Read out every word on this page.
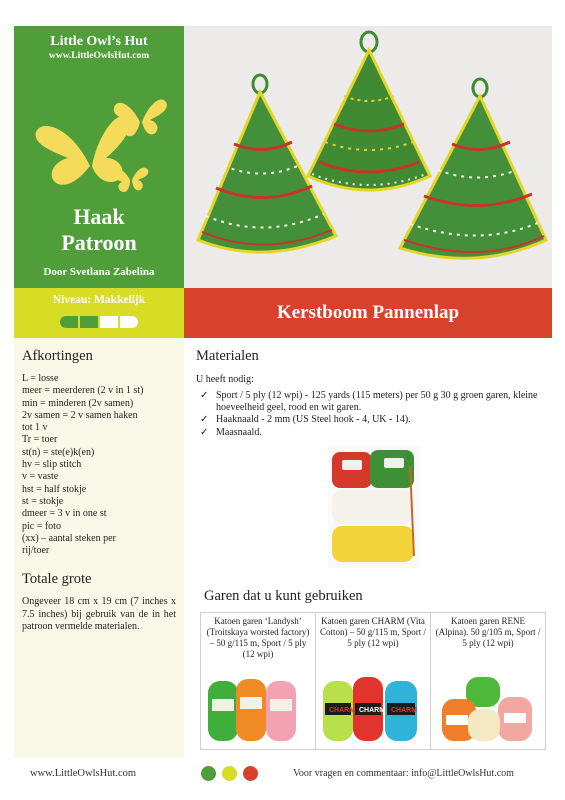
Little Owl’s Hut
www.LittleOwlsHut.com
Haak
Patroon
Door Svetlana Zabelina
Niveau: Makkelijk
Kerstboom Pannenlap
Afkortingen
L = losse
meer = meerderen (2 v in 1 st)
min = minderen (2v samen)
2v samen = 2 v samen haken
tot 1 v
Tr = toer
st(n) = ste(e)k(en)
hv = slip stitch
v = vaste
hst = half stokje
st = stokje
dmeer = 3 v in one st
pic = foto
(xx) – aantal steken per
rij/toer
Totale grote

Ongeveer 18 cm x 19 cm (7 inches x 7.5 inches) bij gebruik van de in het patroon vermelde materialen.

Materialen
U heeft nodig:
✓ Sport / 5 ply (12 wpi) - 125 yards (115 meters) per 50 g 30 g groen garen, kleine hoeveelheid geel, rood en wit garen.
✓ Haaknaald - 2 mm (US Steel hook - 4, UK - 14).
✓ Maasnaald.
Garen dat u kunt gebruiken
Katoen garen ‘Landysh’ (Troitskaya worsted factory) – 50 g/115 m, Sport / 5 ply (12 wpi)
Katoen garen CHARM (Vita Cotton) – 50 g/115 m, Sport / 5 ply (12 wpi)
CHARM CHARM CHARM
Katoen garen RENE (Alpina). 50 g/105 m, Sport / 5 ply (12 wpi)
www.LittleOwlsHut.com	Voor vragen en commentaar: info@LittleOwlsHut.com
